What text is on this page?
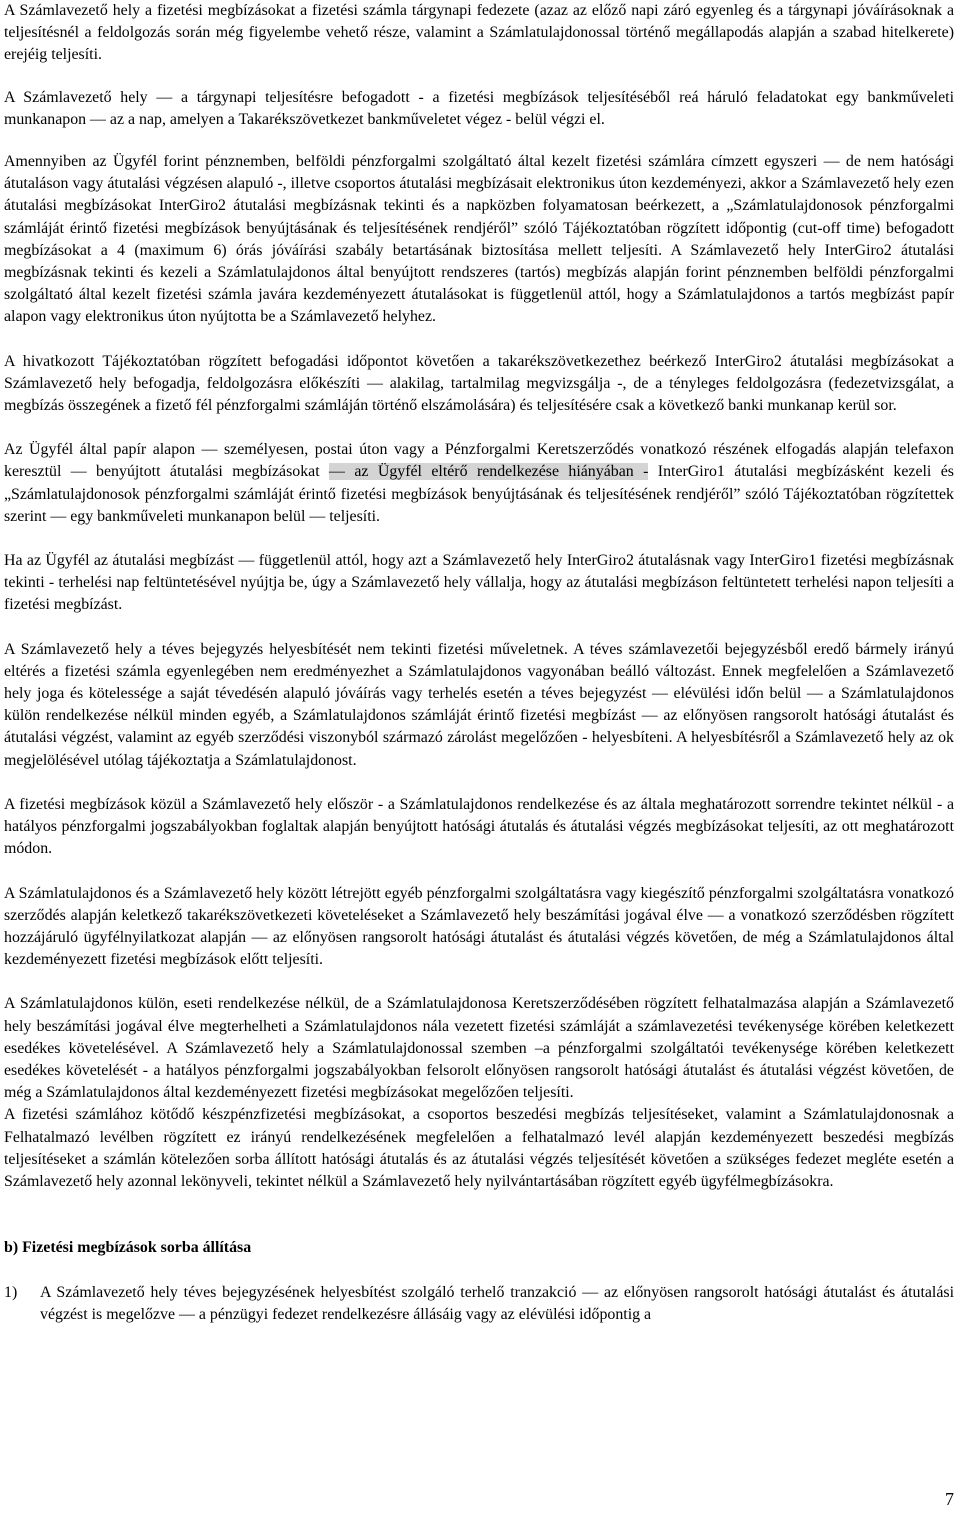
A Számlavezető hely a fizetési megbízásokat a fizetési számla tárgynapi fedezete (azaz az előző napi záró egyenleg és a tárgynapi jóváírásoknak a teljesítésnél a feldolgozás során még figyelembe vehető része, valamint a Számlatulajdonossal történő megállapodás alapján a szabad hitelkerete) erejéig teljesíti.

A Számlavezető hely ― a tárgynapi teljesítésre befogadott - a fizetési megbízások teljesítéséből reá háruló feladatokat egy bankműveleti munkanapon ― az a nap, amelyen a Takarékszövetkezet bankműveletet végez - belül végzi el.

Amennyiben az Ügyfél forint pénznemben, belföldi pénzforgalmi szolgáltató által kezelt fizetési számlára címzett egyszeri ― de nem hatósági átutaláson vagy átutalási végzésen alapuló -, illetve csoportos átutalási megbízásait elektronikus úton kezdeményezi, akkor a Számlavezető hely ezen átutalási megbízásokat InterGiro2 átutalási megbízásnak tekinti és a napközben folyamatosan beérkezett, a „Számlatulajdonosok pénzforgalmi számláját érintő fizetési megbízások benyújtásának és teljesítésének rendjéről” szóló Tájékoztatóban rögzített időpontig (cut-off time) befogadott megbízásokat a 4 (maximum 6) órás jóváírási szabály betartásának biztosítása mellett teljesíti. A Számlavezető hely InterGiro2 átutalási megbízásnak tekinti és kezeli a Számlatulajdonos által benyújtott rendszeres (tartós) megbízás alapján forint pénznemben belföldi pénzforgalmi szolgáltató által kezelt fizetési számla javára kezdeményezett átutalásokat is függetlenül attól, hogy a Számlatulajdonos a tartós megbízást papír alapon vagy elektronikus úton nyújtotta be a Számlavezető helyhez.

A hivatkozott Tájékoztatóban rögzített befogadási időpontot követően a takarékszövetkezethez beérkező InterGiro2 átutalási megbízásokat a Számlavezető hely befogadja, feldolgozásra előkészíti ― alakilag, tartalmilag megvizsgálja -, de a tényleges feldolgozásra (fedezetvizsgálat, a megbízás összegének a fizető fél pénzforgalmi számláján történő elszámolására) és teljesítésére csak a következő banki munkanap kerül sor.

Az Ügyfél által papír alapon ― személyesen, postai úton vagy a Pénzforgalmi Keretszerződés vonatkozó részének elfogadás alapján telefaxon keresztül ― benyújtott átutalási megbízásokat ― az Ügyfél eltérő rendelkezése hiányában - InterGiro1 átutalási megbízásként kezeli és „Számlatulajdonosok pénzforgalmi számláját érintő fizetési megbízások benyújtásának és teljesítésének rendjéről” szóló Tájékoztatóban rögzítettek szerint ― egy bankműveleti munkanapon belül ― teljesíti.

Ha az Ügyfél az átutalási megbízást ― függetlenül attól, hogy azt a Számlavezető hely InterGiro2 átutalásnak vagy InterGiro1 fizetési megbízásnak tekinti - terhelési nap feltüntetésével nyújtja be, úgy a Számlavezető hely vállalja, hogy az átutalási megbízáson feltüntetett terhelési napon teljesíti a fizetési megbízást.

A Számlavezető hely a téves bejegyzés helyesbítését nem tekinti fizetési műveletnek. A téves számlavezetői bejegyzésből eredő bármely irányú eltérés a fizetési számla egyenlegében nem eredményezhet a Számlatulajdonos vagyonában beálló változást. Ennek megfelelően a Számlavezető hely joga és kötelessége a saját tévedésén alapuló jóváírás vagy terhelés esetén a téves bejegyzést ― elévülési időn belül ― a Számlatulajdonos külön rendelkezése nélkül minden egyéb, a Számlatulajdonos számláját érintő fizetési megbízást ― az előnyösen rangsorolt hatósági átutalást és átutalási végzést, valamint az egyéb szerződési viszonyból származó zárolást megelőzően - helyesbíteni. A helyesbítésről a Számlavezető hely az ok megjelölésével utólag tájékoztatja a Számlatulajdonost.

A fizetési megbízások közül a Számlavezető hely először - a Számlatulajdonos rendelkezése és az általa meghatározott sorrendre tekintet nélkül - a hatályos pénzforgalmi jogszabályokban foglaltak alapján benyújtott hatósági átutalás és átutalási végzés megbízásokat teljesíti, az ott meghatározott módon.

A Számlatulajdonos és a Számlavezető hely között létrejött egyéb pénzforgalmi szolgáltatásra vagy kiegészítő pénzforgalmi szolgáltatásra vonatkozó szerződés alapján keletkező takarékszövetkezeti követeléseket a Számlavezető hely beszámítási jogával élve ― a vonatkozó szerződésben rögzített hozzájáruló ügyfélnyilatkozat alapján ― az előnyösen rangsorolt hatósági átutalást és átutalási végzés követően, de még a Számlatulajdonos által kezdeményezett fizetési megbízások előtt teljesíti.

A Számlatulajdonos külön, eseti rendelkezése nélkül, de a Számlatulajdonosa Keretszerződésében rögzített felhatalmazása alapján a Számlavezető hely beszámítási jogával élve megterhelheti a Számlatulajdonos nála vezetett fizetési számláját a számlavezetési tevékenysége körében keletkezett esedékes követelésével. A Számlavezető hely a Számlatulajdonossal szemben –a pénzforgalmi szolgáltatói tevékenysége körében keletkezett esedékes követelését - a hatályos pénzforgalmi jogszabályokban felsorolt előnyösen rangsorolt hatósági átutalást és átutalási végzést követően, de még a Számlatulajdonos által kezdeményezett fizetési megbízásokat megelőzően teljesíti.

A fizetési számlához kötődő készpénzfizetési megbízásokat, a csoportos beszedési megbízás teljesítéseket, valamint a Számlatulajdonosnak a Felhatalmazó levélben rögzített ez irányú rendelkezésének megfelelően a felhatalmazó levél alapján kezdeményezett beszedési megbízás teljesítéseket a számlán kötelezően sorba állított hatósági átutalás és az átutalási végzés teljesítését követően a szükséges fedezet megléte esetén a Számlavezető hely azonnal lekönyveli, tekintet nélkül a Számlavezető hely nyilvántartásában rögzített egyéb ügyfélmegbízásokra.

b) Fizetési megbízások sorba állítása

1)	A Számlavezető hely téves bejegyzésének helyesbítést szolgáló terhelő tranzakció ― az előnyösen rangsorolt hatósági átutalást és átutalási végzést is megelőzve ― a pénzügyi fedezet rendelkezésre állásáig vagy az elévülési időpontig a

7
